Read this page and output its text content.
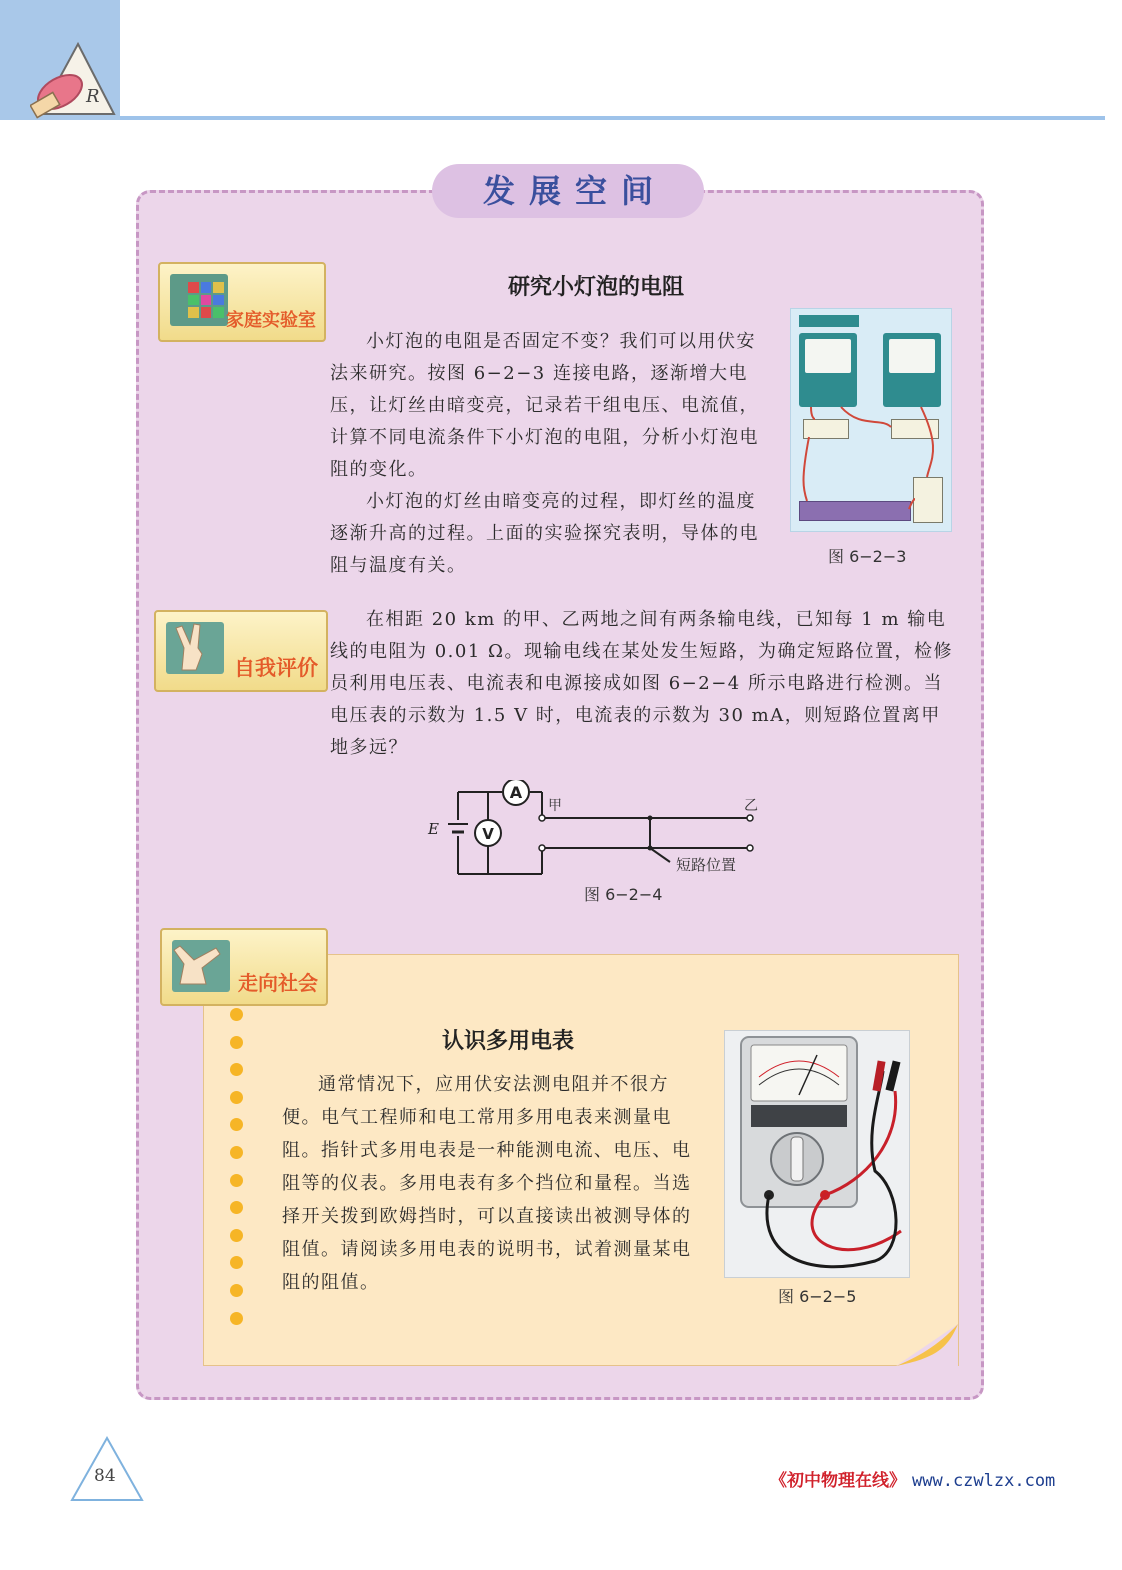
R
发展空间
家庭实验室
研究小灯泡的电阻

小灯泡的电阻是否固定不变？我们可以用伏安法来研究。按图 6−2−3 连接电路，逐渐增大电压，让灯丝由暗变亮，记录若干组电压、电流值，计算不同电流条件下小灯泡的电阻，分析小灯泡电阻的变化。

小灯泡的灯丝由暗变亮的过程，即灯丝的温度逐渐升高的过程。上面的实验探究表明，导体的电阻与温度有关。	图 6−2−3
自我评价

在相距 20 km 的甲、乙两地之间有两条输电线，已知每 1 m 输电线的电阻为 0.01 Ω。现输电线在某处发生短路，为确定短路位置，检修员利用电压表、电流表和电源接成如图 6−2−4 所示电路进行检测。当电压表的示数为 1.5 V 时，电流表的示数为 30 mA，则短路位置离甲地多远？

A
V
E
甲	乙
短路位置
图 6−2−4
走向社会
认识多用电表

通常情况下，应用伏安法测电阻并不很方便。电气工程师和电工常用多用电表来测量电阻。指针式多用电表是一种能测电流、电压、电阻等的仪表。多用电表有多个挡位和量程。当选择开关拨到欧姆挡时，可以直接读出被测导体的阻值。请阅读多用电表的说明书，试着测量某电阻的阻值。

图 6−2−5
84	《初中物理在线》 www.czwlzx.com
